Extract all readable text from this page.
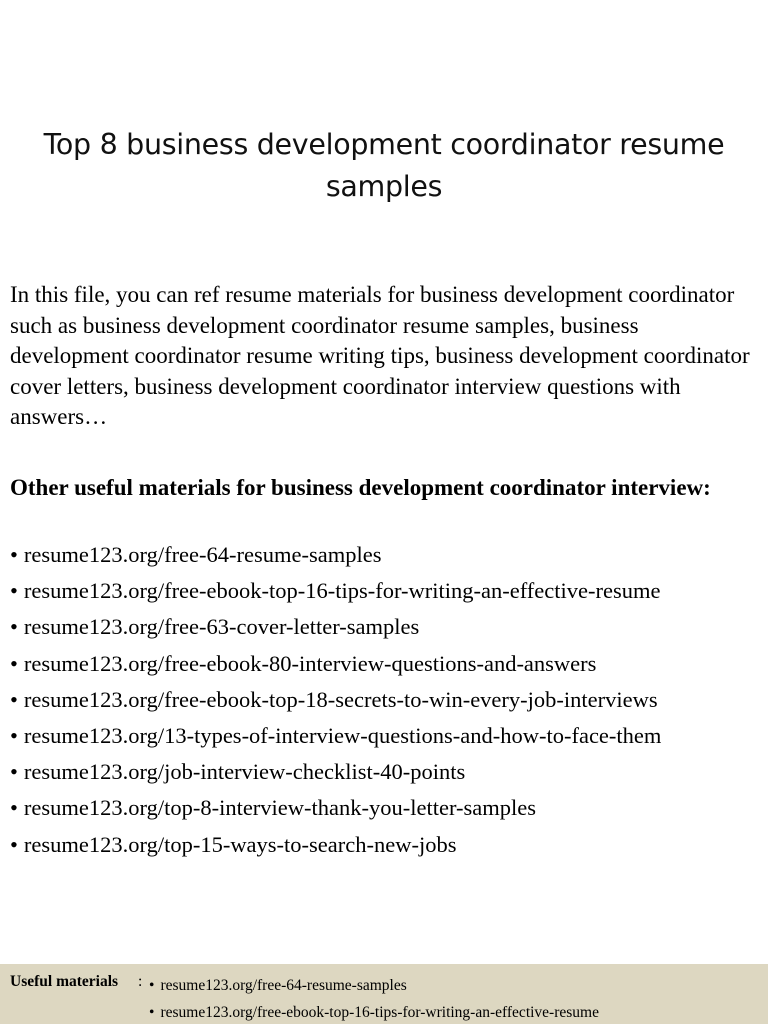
Top 8 business development coordinator resume samples
In this file, you can ref resume materials for business development coordinator such as business development coordinator resume samples, business development coordinator resume writing tips, business development coordinator cover letters, business development coordinator interview questions with answers…
Other useful materials for business development coordinator interview:
• resume123.org/free-64-resume-samples
• resume123.org/free-ebook-top-16-tips-for-writing-an-effective-resume
• resume123.org/free-63-cover-letter-samples
• resume123.org/free-ebook-80-interview-questions-and-answers
• resume123.org/free-ebook-top-18-secrets-to-win-every-job-interviews
• resume123.org/13-types-of-interview-questions-and-how-to-face-them
• resume123.org/job-interview-checklist-40-points
• resume123.org/top-8-interview-thank-you-letter-samples
• resume123.org/top-15-ways-to-search-new-jobs
Useful materials : • resume123.org/free-64-resume-samples
• resume123.org/free-ebook-top-16-tips-for-writing-an-effective-resume
